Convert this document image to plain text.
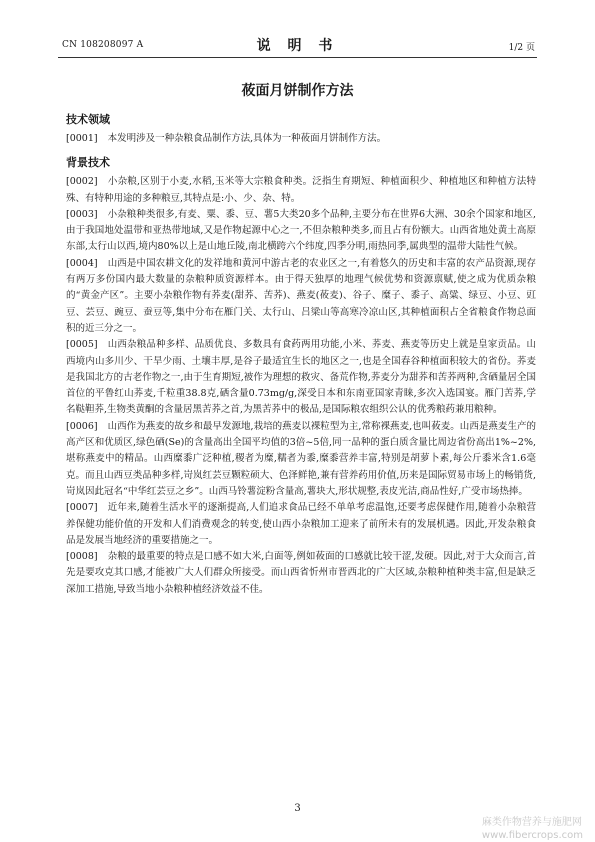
CN 108208097 A	说 明 书	1/2 页
莜面月饼制作方法
技术领域

[0001] 本发明涉及一种杂粮食品制作方法,具体为一种莜面月饼制作方法。

背景技术

[0002] 小杂粮,区别于小麦,水稻,玉米等大宗粮食种类。泛指生育期短、种植面积少、种植地区和种植方法特殊、有特种用途的多种粮豆,其特点是:小、少、杂、特。

[0003] 小杂粮种类很多,有麦、粟、黍、豆、薯5大类20多个品种,主要分布在世界6大洲、30余个国家和地区,由于我国地处温带和亚热带地域,又是作物起源中心之一,不但杂粮种类多,而且占有份额大。山西省地处黄土高原东部,太行山以西,境内80%以上是山地丘陵,南北横跨六个纬度,四季分明,雨热同季,属典型的温带大陆性气候。

[0004] 山西是中国农耕文化的发祥地和黄河中游古老的农业区之一,有着悠久的历史和丰富的农产品资源,现存有两万多份国内最大数量的杂粮种质资源样本。由于得天独厚的地理气候优势和资源禀赋,使之成为优质杂粮的“黄金产区”。主要小杂粮作物有荞麦(甜荞、苦荞)、燕麦(莜麦)、谷子、糜子、黍子、高粱、绿豆、小豆、豇豆、芸豆、豌豆、蚕豆等,集中分布在雁门关、太行山、吕梁山等高寒冷凉山区,其种植面积占全省粮食作物总面积的近三分之一。

[0005] 山西杂粮品种多样、品质优良、多数具有食药两用功能,小米、荞麦、燕麦等历史上就是皇家贡品。山西境内山多川少、干旱少雨、土壤丰厚,是谷子最适宜生长的地区之一,也是全国春谷种植面积较大的省份。荞麦是我国北方的古老作物之一,由于生育期短,被作为理想的救灾、备荒作物,荞麦分为甜荞和苦荞两种,含硒量居全国首位的平鲁红山荞麦,千粒重38.8克,硒含量0.73mg/g,深受日本和东南亚国家青睐,多次入选国宴。雁门苦荞,学名鞑靼荞,生物类黄酮的含量居黑苦荞之首,为黑苦荞中的极品,是国际粮农组织公认的优秀粮药兼用粮种。

[0006] 山西作为燕麦的故乡和最早发源地,栽培的燕麦以裸粒型为主,常称裸燕麦,也叫莜麦。山西是燕麦生产的高产区和优质区,绿色硒(Se)的含量高出全国平均值的3倍~5倍,同一品种的蛋白质含量比周边省份高出1%~2%,堪称燕麦中的精品。山西糜黍广泛种植,稷者为糜,糯者为黍,糜黍营养丰富,特别是胡萝卜素,每公斤黍米含1.6毫克。而且山西豆类品种多样,岢岚红芸豆颗粒硕大、色泽鲜艳,兼有营养药用价值,历来是国际贸易市场上的畅销货,岢岚因此冠名“中华红芸豆之乡”。山西马铃薯淀粉含量高,薯块大,形状规整,表皮光洁,商品性好,广受市场热捧。

[0007] 近年来,随着生活水平的逐渐提高,人们追求食品已经不单单考虑温饱,还要考虑保健作用,随着小杂粮营养保健功能价值的开发和人们消费观念的转变,使山西小杂粮加工迎来了前所未有的发展机遇。因此,开发杂粮食品是发展当地经济的重要措施之一。

[0008] 杂粮的最重要的特点是口感不如大米,白面等,例如莜面的口感就比较干涩,发硬。因此,对于大众而言,首先是要攻克其口感,才能被广大人们群众所接受。而山西省忻州市晋西北的广大区域,杂粮种植种类丰富,但是缺乏深加工措施,导致当地小杂粮种植经济效益不佳。

3
麻类作物营养与施肥网
www.fibercrops.com
